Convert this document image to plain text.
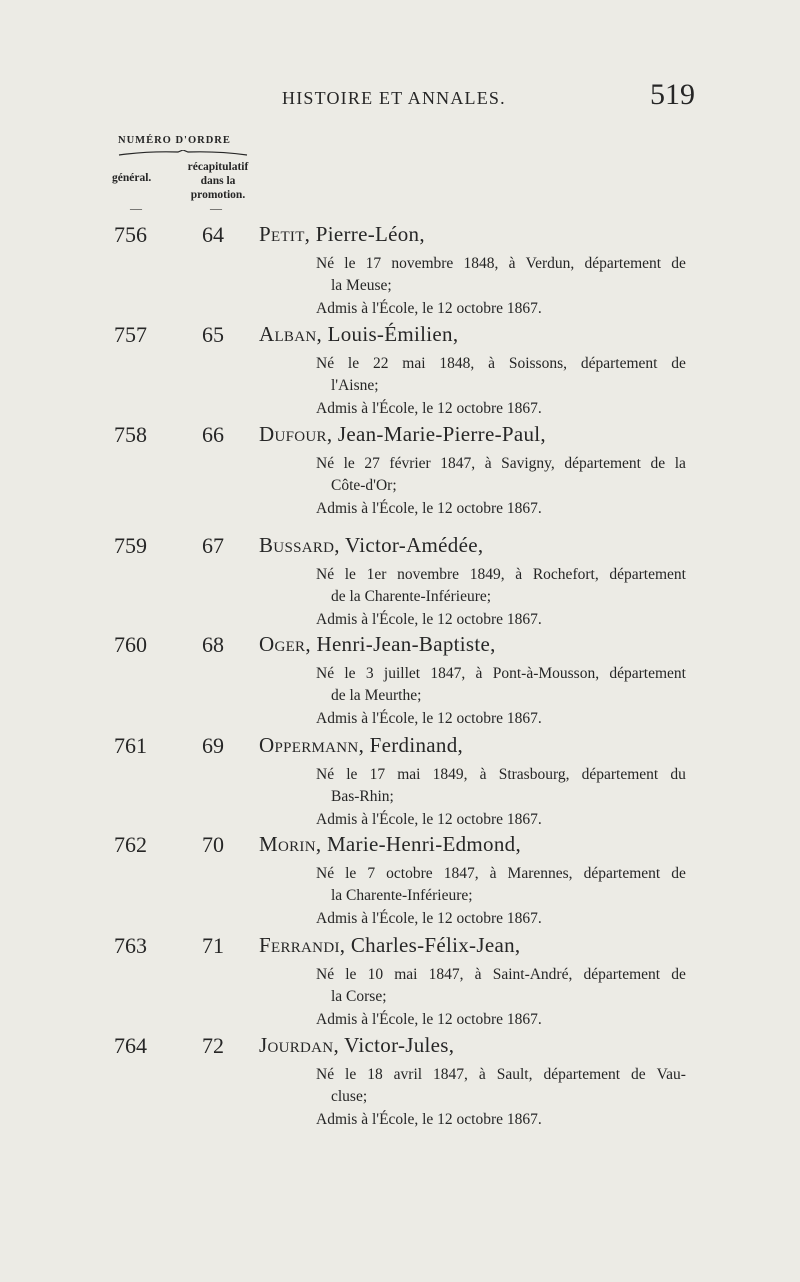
HISTOIRE ET ANNALES.	519
NUMÉRO D'ORDRE
général.
récapitulatif
dans la
promotion.
—	—
756	64 Petit, Pierre-Léon,
Né le 17 novembre 1848, à Verdun, département de
la Meuse;
Admis à l'École, le 12 octobre 1867.
757	65 Alban, Louis-Émilien,
Né le 22 mai 1848, à Soissons, département de
l'Aisne;
Admis à l'École, le 12 octobre 1867.
758	66 Dufour, Jean-Marie-Pierre-Paul,
Né le 27 février 1847, à Savigny, département de la
Côte-d'Or;
Admis à l'École, le 12 octobre 1867.
759	67 Bussard, Victor-Amédée,
Né le 1er novembre 1849, à Rochefort, département
de la Charente-Inférieure;
Admis à l'École, le 12 octobre 1867.
760	68 Oger, Henri-Jean-Baptiste,
Né le 3 juillet 1847, à Pont-à-Mousson, département
de la Meurthe;
Admis à l'École, le 12 octobre 1867.
761	69 Oppermann, Ferdinand,
Né le 17 mai 1849, à Strasbourg, département du
Bas-Rhin;
Admis à l'École, le 12 octobre 1867.
762	70 Morin, Marie-Henri-Edmond,
Né le 7 octobre 1847, à Marennes, département de
la Charente-Inférieure;
Admis à l'École, le 12 octobre 1867.
763	71 Ferrandi, Charles-Félix-Jean,
Né le 10 mai 1847, à Saint-André, département de
la Corse;
Admis à l'École, le 12 octobre 1867.
764	72 Jourdan, Victor-Jules,
Né le 18 avril 1847, à Sault, département de Vau-
cluse;
Admis à l'École, le 12 octobre 1867.
